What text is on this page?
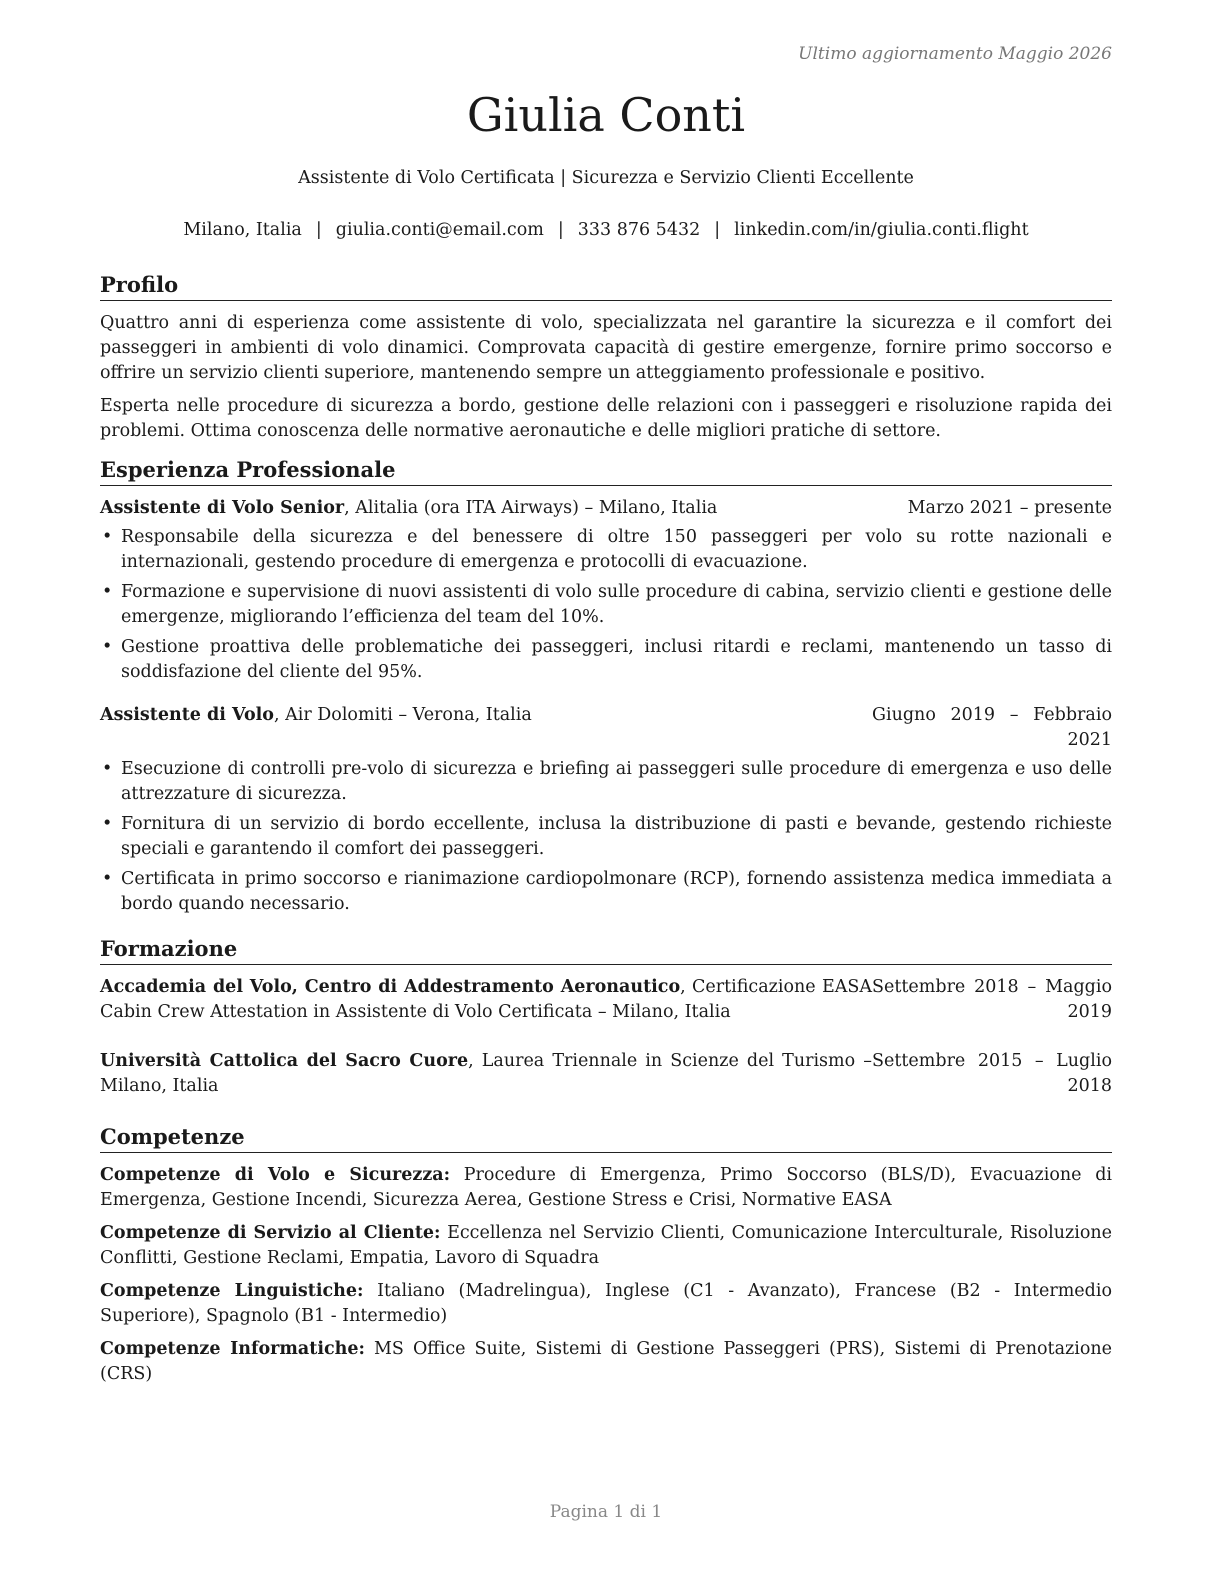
Ultimo aggiornamento Maggio 2026
Giulia Conti
Assistente di Volo Certificata | Sicurezza e Servizio Clienti Eccellente
Milano, Italia | giulia.conti@email.com | 333 876 5432 | linkedin.com/in/giulia.conti.flight
Profilo

Quattro anni di esperienza come assistente di volo, specializzata nel garantire la sicurezza e il comfort dei passeggeri in ambienti di volo dinamici. Comprovata capacità di gestire emergenze, fornire primo soccorso e offrire un servizio clienti superiore, mantenendo sempre un atteggiamento professionale e positivo.

Esperta nelle procedure di sicurezza a bordo, gestione delle relazioni con i passeggeri e risoluzione rapida dei problemi. Ottima conoscenza delle normative aeronautiche e delle migliori pratiche di settore.

Esperienza Professionale
Assistente di Volo Senior, Alitalia (ora ITA Airways) – Milano, Italia	Marzo 2021 – presente
• Responsabile della sicurezza e del benessere di oltre 150 passeggeri per volo su rotte nazionali e internazionali, gestendo procedure di emergenza e protocolli di evacuazione.
• Formazione e supervisione di nuovi assistenti di volo sulle procedure di cabina, servizio clienti e gestione delle emergenze, migliorando l’efficienza del team del 10%.
• Gestione proattiva delle problematiche dei passeggeri, inclusi ritardi e reclami, mantenendo un tasso di soddisfazione del cliente del 95%.
Assistente di Volo, Air Dolomiti – Verona, Italia	Giugno 2019 – Febbraio 2021
• Esecuzione di controlli pre-volo di sicurezza e briefing ai passeggeri sulle procedure di emergenza e uso delle attrezzature di sicurezza.
• Fornitura di un servizio di bordo eccellente, inclusa la distribuzione di pasti e bevande, gestendo richieste speciali e garantendo il comfort dei passeggeri.
• Certificata in primo soccorso e rianimazione cardiopolmonare (RCP), fornendo assistenza medica immediata a bordo quando necessario.
Formazione
Accademia del Volo, Centro di Addestramento Aeronautico, Certificazione EASA Cabin Crew Attestation in Assistente di Volo Certificata – Milano, Italia
Settembre 2018 – Maggio 2019
Università Cattolica del Sacro Cuore, Laurea Triennale in Scienze del Turismo – Milano, Italia
Settembre 2015 – Luglio 2018
Competenze

Competenze di Volo e Sicurezza: Procedure di Emergenza, Primo Soccorso (BLS/D), Evacuazione di Emergenza, Gestione Incendi, Sicurezza Aerea, Gestione Stress e Crisi, Normative EASA

Competenze di Servizio al Cliente: Eccellenza nel Servizio Clienti, Comunicazione Interculturale, Risoluzione Conflitti, Gestione Reclami, Empatia, Lavoro di Squadra

Competenze Linguistiche: Italiano (Madrelingua), Inglese (C1 - Avanzato), Francese (B2 - Intermedio Superiore), Spagnolo (B1 - Intermedio)

Competenze Informatiche: MS Office Suite, Sistemi di Gestione Passeggeri (PRS), Sistemi di Prenotazione (CRS)

Pagina 1 di 1
